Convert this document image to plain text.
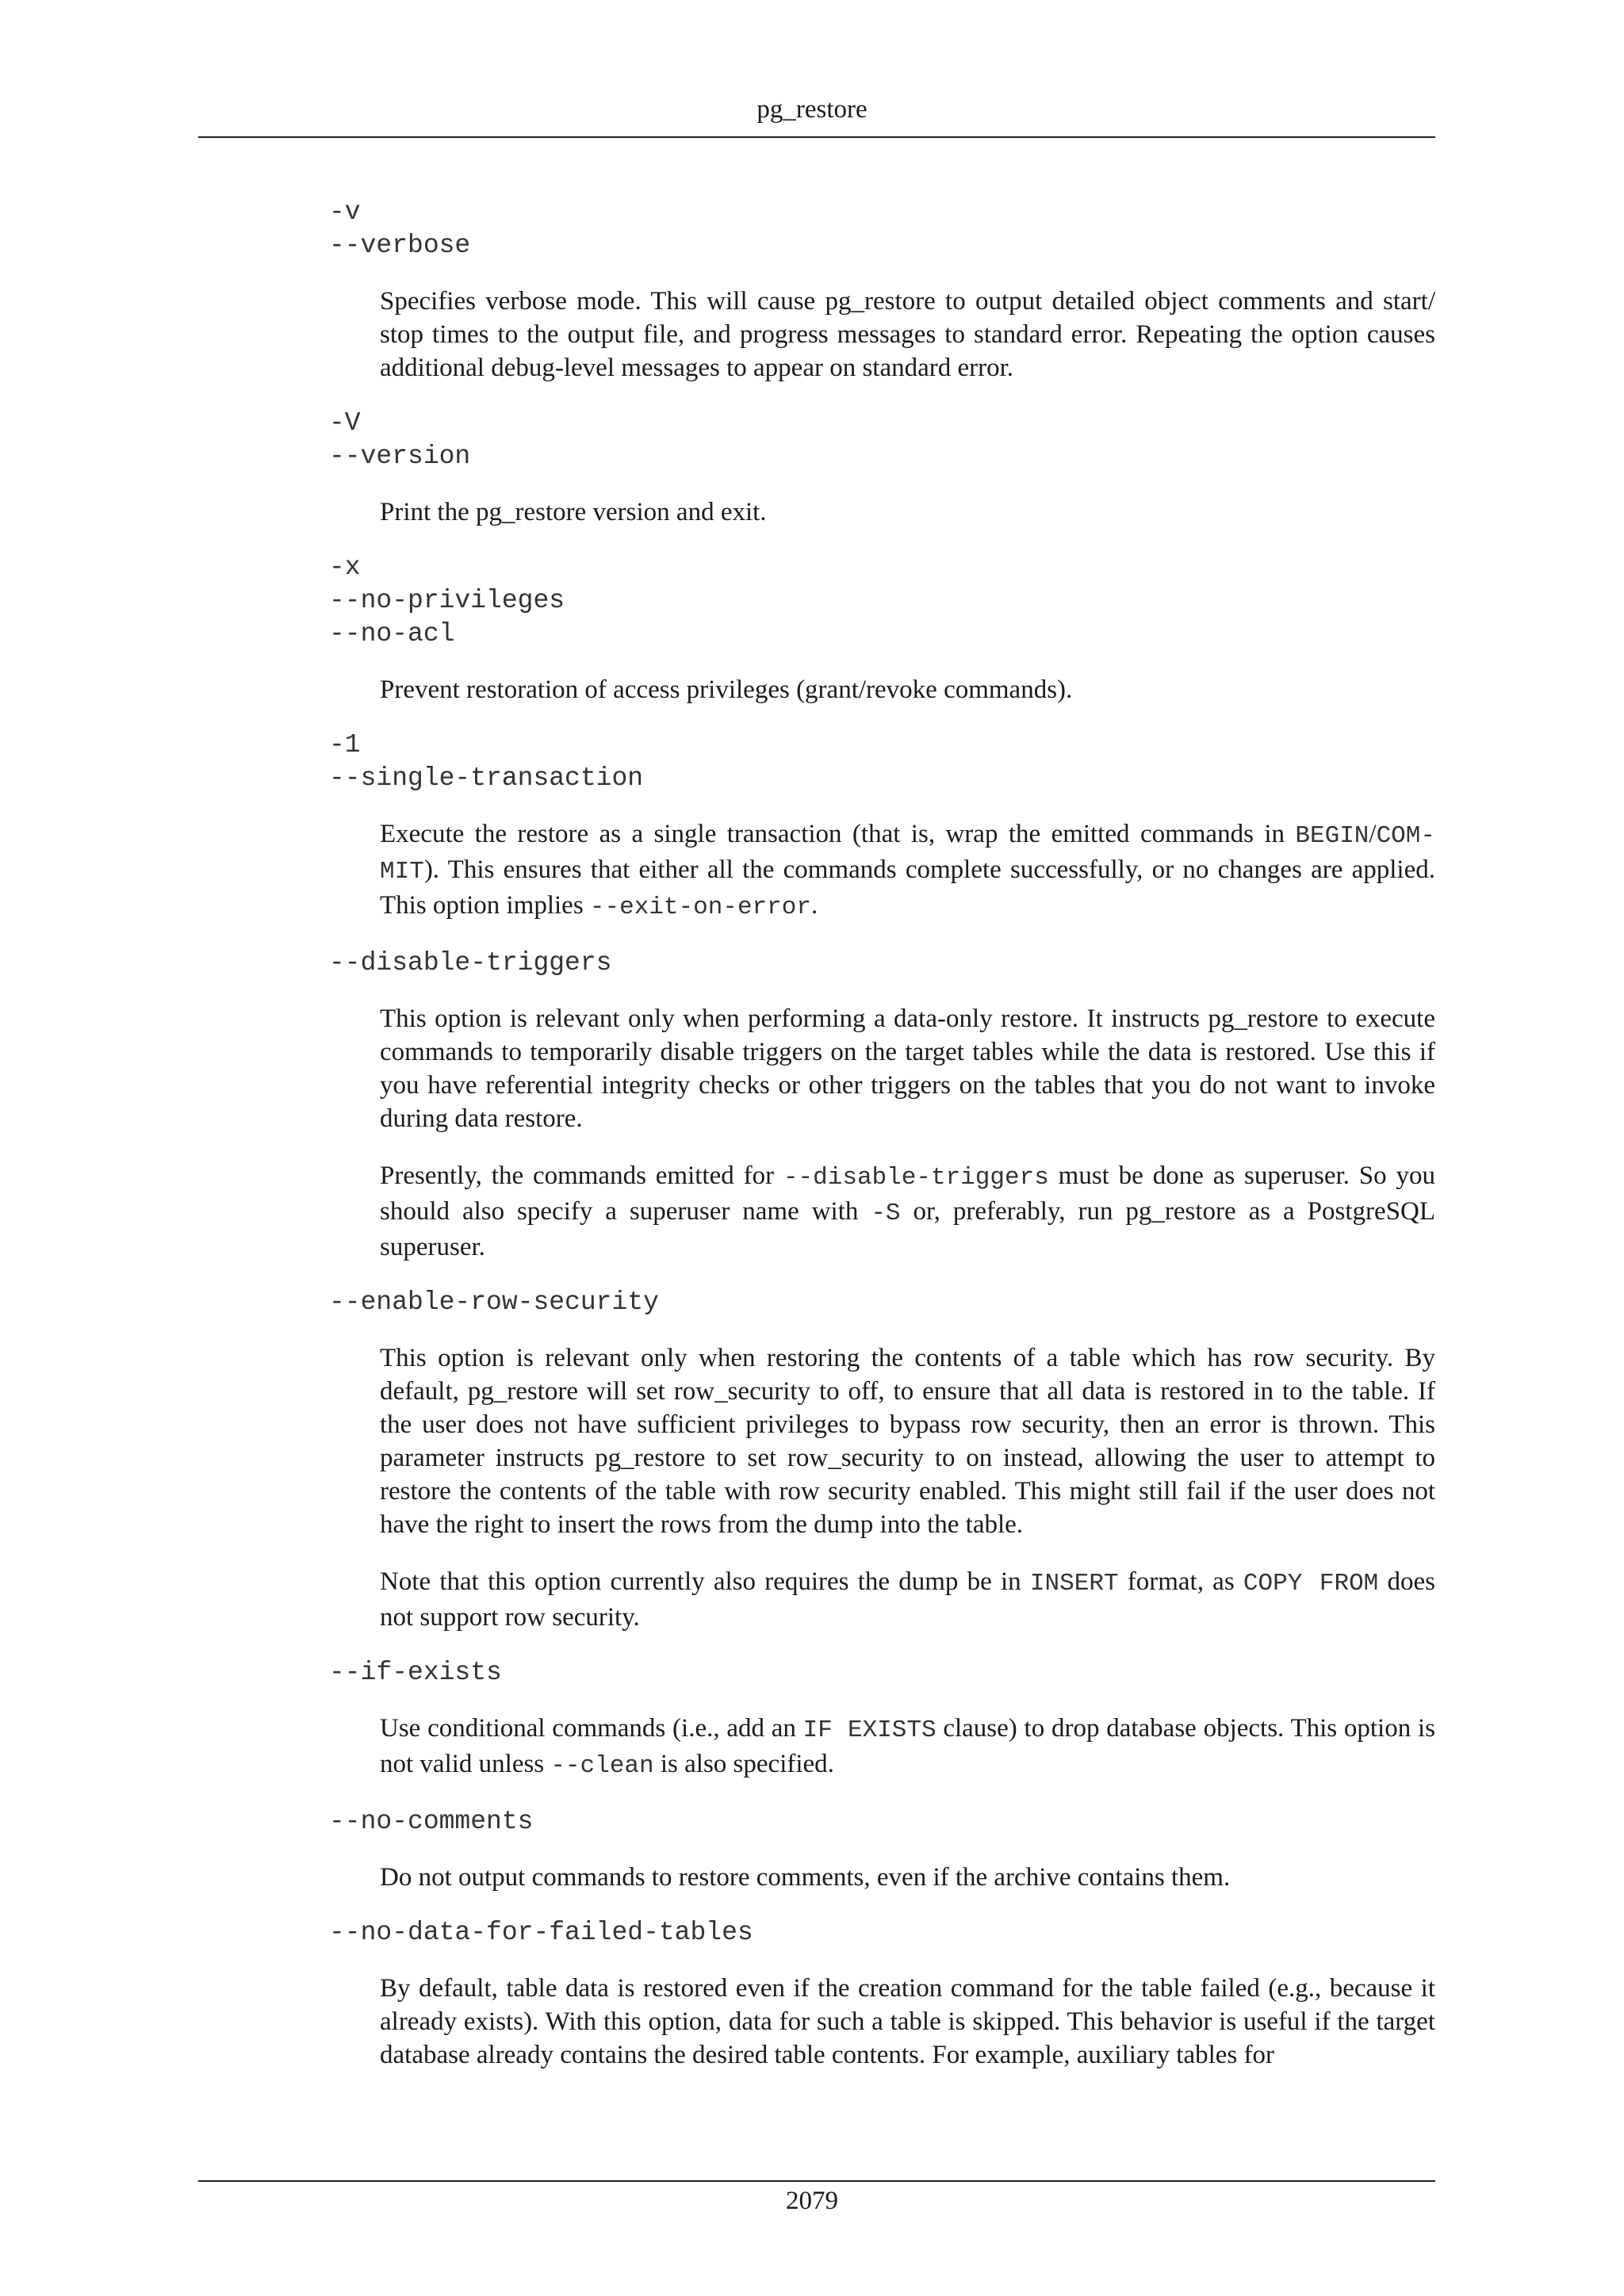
pg_restore
-v
--verbose
Specifies verbose mode. This will cause pg_restore to output detailed object comments and start/ stop times to the output file, and progress messages to standard error. Repeating the option causes additional debug-level messages to appear on standard error.
-V
--version
Print the pg_restore version and exit.
-x
--no-privileges
--no-acl
Prevent restoration of access privileges (grant/revoke commands).
-1
--single-transaction
Execute the restore as a single transaction (that is, wrap the emitted commands in BEGIN/COM-MIT). This ensures that either all the commands complete successfully, or no changes are applied. This option implies --exit-on-error.
--disable-triggers
This option is relevant only when performing a data-only restore. It instructs pg_restore to execute commands to temporarily disable triggers on the target tables while the data is restored. Use this if you have referential integrity checks or other triggers on the tables that you do not want to invoke during data restore.
Presently, the commands emitted for --disable-triggers must be done as superuser. So you should also specify a superuser name with -S or, preferably, run pg_restore as a PostgreSQL superuser.
--enable-row-security
This option is relevant only when restoring the contents of a table which has row security. By default, pg_restore will set row_security to off, to ensure that all data is restored in to the table. If the user does not have sufficient privileges to bypass row security, then an error is thrown. This parameter instructs pg_restore to set row_security to on instead, allowing the user to attempt to restore the contents of the table with row security enabled. This might still fail if the user does not have the right to insert the rows from the dump into the table.
Note that this option currently also requires the dump be in INSERT format, as COPY FROM does not support row security.
--if-exists
Use conditional commands (i.e., add an IF EXISTS clause) to drop database objects. This option is not valid unless --clean is also specified.
--no-comments
Do not output commands to restore comments, even if the archive contains them.
--no-data-for-failed-tables
By default, table data is restored even if the creation command for the table failed (e.g., because it already exists). With this option, data for such a table is skipped. This behavior is useful if the target database already contains the desired table contents. For example, auxiliary tables for
2079
